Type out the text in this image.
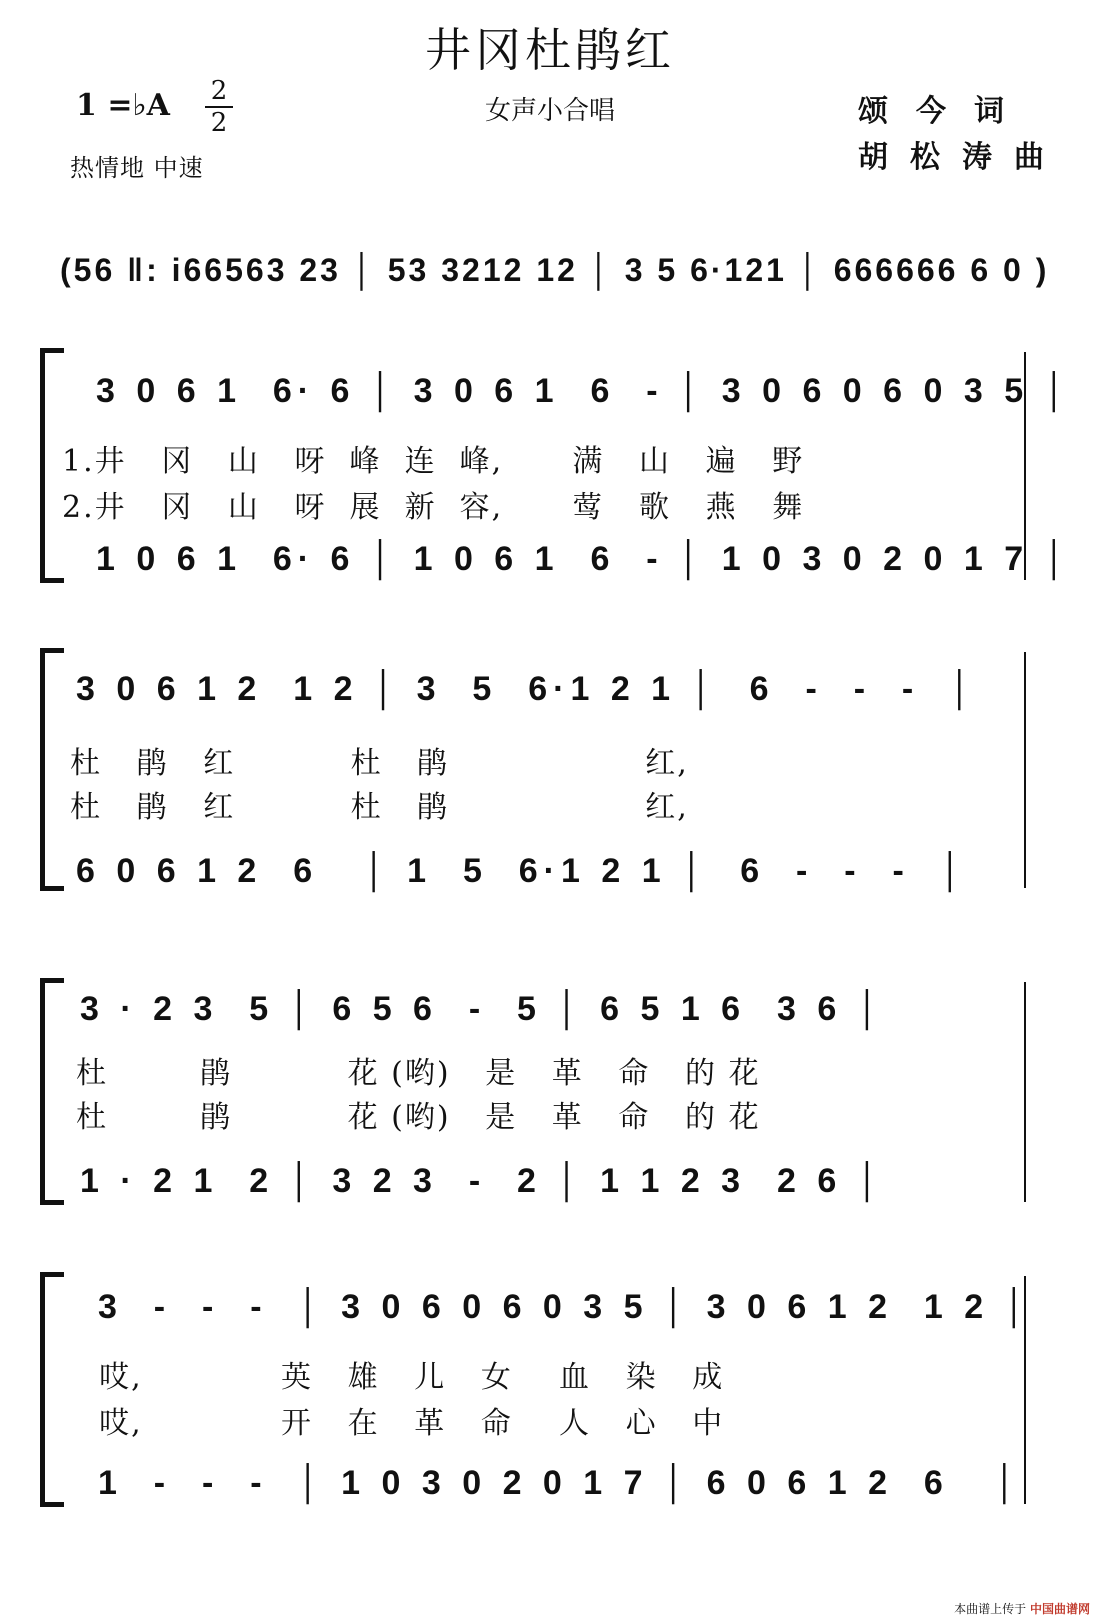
井冈杜鹃红
女声小合唱
1 =♭A 2
2
热情地 中速
颂今词
胡松涛曲
(56 ‖: i66563 23 │ 53 3212 12 │ 3 5 6·121 │ 666666 6 0 )
3 0 6 1  6· 6 │ 3 0 6 1  6  - │ 3 0 6 0 6 0 3 5 │
1.井   冈   山   呀  峰  连  峰,      满   山   遍   野
2.井   冈   山   呀  展  新  容,      莺   歌   燕   舞
1 0 6 1  6· 6 │ 1 0 6 1  6  - │ 1 0 3 0 2 0 1 7 │
3 0 6 1 2  1 2 │ 3  5  6·1 2 1 │  6  -  -  -  │
杜   鹃   红          杜   鹃                 红,
杜   鹃   红          杜   鹃                 红,
6 0 6 1 2  6   │ 1  5  6·1 2 1 │  6  -  -  -  │
3 · 2 3  5 │ 6 5 6  -  5 │ 6 5 1 6  3 6 │
杜        鹃          花 (哟)   是   革   命   的 花
杜        鹃          花 (哟)   是   革   命   的 花
1 · 2 1  2 │ 3 2 3  -  2 │ 1 1 2 3  2 6 │
3  -  -  -  │ 3 0 6 0 6 0 3 5 │ 3 0 6 1 2  1 2 │
哎,            英   雄   儿   女    血   染   成
哎,            开   在   革   命    人   心   中
1  -  -  -  │ 1 0 3 0 2 0 1 7 │ 6 0 6 1 2  6   │
本曲谱上传于 中国曲谱网
